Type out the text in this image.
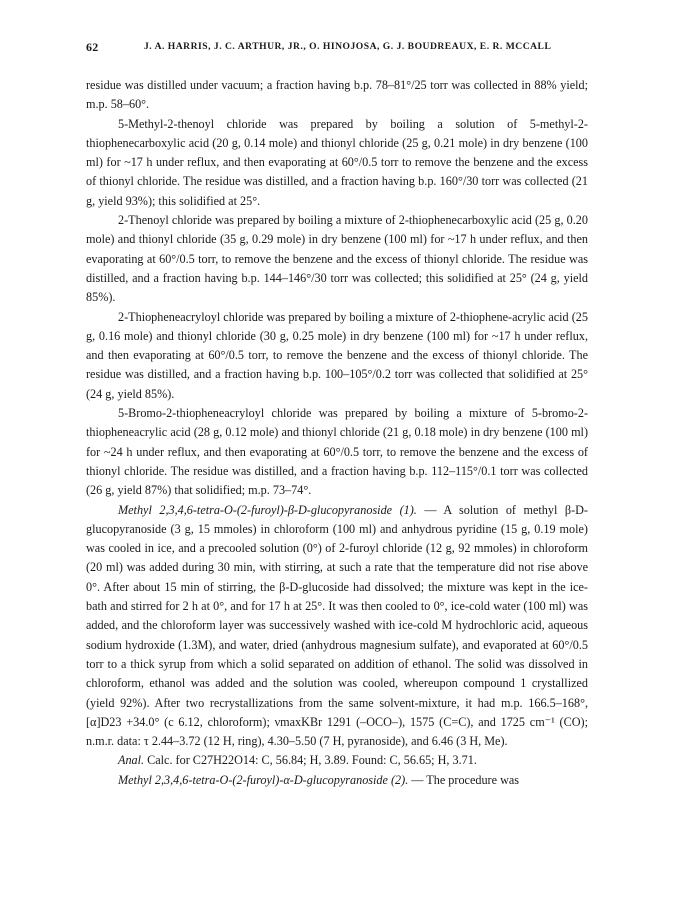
62	J. A. HARRIS, J. C. ARTHUR, JR., O. HINOJOSA, G. J. BOUDREAUX, E. R. MCCALL

residue was distilled under vacuum; a fraction having b.p. 78–81°/25 torr was collected in 88% yield; m.p. 58–60°.

5-Methyl-2-thenoyl chloride was prepared by boiling a solution of 5-methyl-2-thiophenecarboxylic acid (20 g, 0.14 mole) and thionyl chloride (25 g, 0.21 mole) in dry benzene (100 ml) for ~17 h under reflux, and then evaporating at 60°/0.5 torr to remove the benzene and the excess of thionyl chloride. The residue was distilled, and a fraction having b.p. 160°/30 torr was collected (21 g, yield 93%); this solidified at 25°.

2-Thenoyl chloride was prepared by boiling a mixture of 2-thiophenecarboxylic acid (25 g, 0.20 mole) and thionyl chloride (35 g, 0.29 mole) in dry benzene (100 ml) for ~17 h under reflux, and then evaporating at 60°/0.5 torr, to remove the benzene and the excess of thionyl chloride. The residue was distilled, and a fraction having b.p. 144–146°/30 torr was collected; this solidified at 25° (24 g, yield 85%).

2-Thiopheneacryloyl chloride was prepared by boiling a mixture of 2-thiophene-acrylic acid (25 g, 0.16 mole) and thionyl chloride (30 g, 0.25 mole) in dry benzene (100 ml) for ~17 h under reflux, and then evaporating at 60°/0.5 torr, to remove the benzene and the excess of thionyl chloride. The residue was distilled, and a fraction having b.p. 100–105°/0.2 torr was collected that solidified at 25° (24 g, yield 85%).

5-Bromo-2-thiopheneacryloyl chloride was prepared by boiling a mixture of 5-bromo-2-thiopheneacrylic acid (28 g, 0.12 mole) and thionyl chloride (21 g, 0.18 mole) in dry benzene (100 ml) for ~24 h under reflux, and then evaporating at 60°/0.5 torr, to remove the benzene and the excess of thionyl chloride. The residue was distilled, and a fraction having b.p. 112–115°/0.1 torr was collected (26 g, yield 87%) that solidified; m.p. 73–74°.

Methyl 2,3,4,6-tetra-O-(2-furoyl)-β-D-glucopyranoside (1). — A solution of methyl β-D-glucopyranoside (3 g, 15 mmoles) in chloroform (100 ml) and anhydrous pyridine (15 g, 0.19 mole) was cooled in ice, and a precooled solution (0°) of 2-furoyl chloride (12 g, 92 mmoles) in chloroform (20 ml) was added during 30 min, with stirring, at such a rate that the temperature did not rise above 0°. After about 15 min of stirring, the β-D-glucoside had dissolved; the mixture was kept in the ice-bath and stirred for 2 h at 0°, and for 17 h at 25°. It was then cooled to 0°, ice-cold water (100 ml) was added, and the chloroform layer was successively washed with ice-cold M hydrochloric acid, aqueous sodium hydroxide (1.3M), and water, dried (anhydrous magnesium sulfate), and evaporated at 60°/0.5 torr to a thick syrup from which a solid separated on addition of ethanol. The solid was dissolved in chloroform, ethanol was added and the solution was cooled, whereupon compound 1 crystallized (yield 92%). After two recrystallizations from the same solvent-mixture, it had m.p. 166.5–168°, [α]D23 +34.0° (c 6.12, chloroform); νmaxKBr 1291 (–OCO–), 1575 (C=C), and 1725 cm⁻¹ (CO); n.m.r. data: τ 2.44–3.72 (12 H, ring), 4.30–5.50 (7 H, pyranoside), and 6.46 (3 H, Me).

Anal. Calc. for C27H22O14: C, 56.84; H, 3.89. Found: C, 56.65; H, 3.71.

Methyl 2,3,4,6-tetra-O-(2-furoyl)-α-D-glucopyranoside (2). — The procedure was
